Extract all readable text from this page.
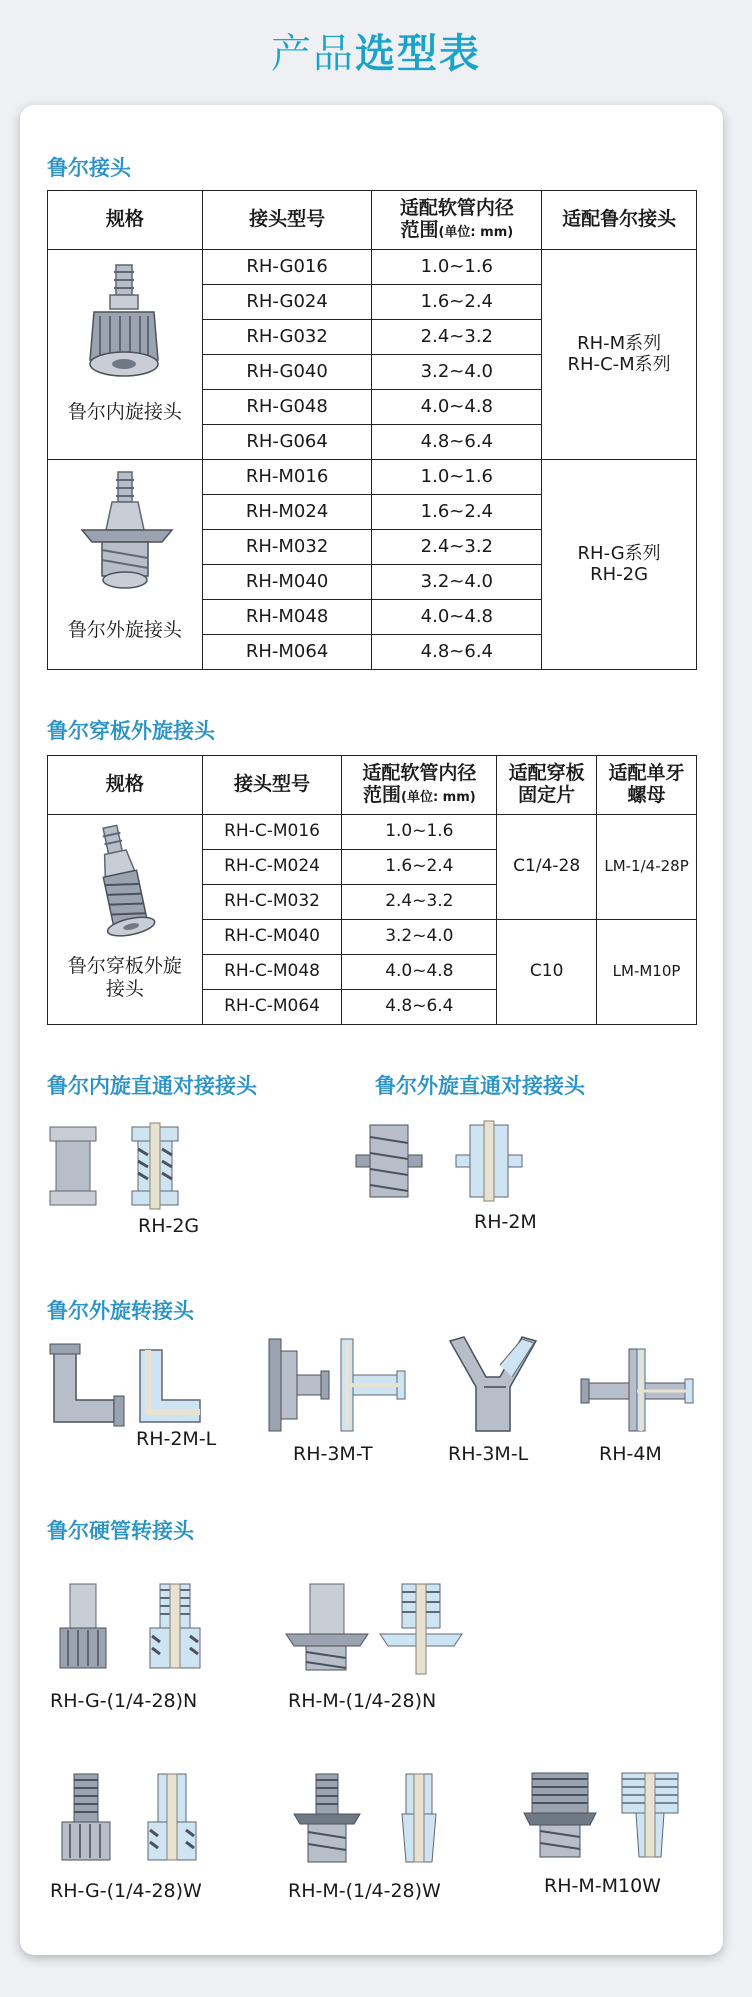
产品选型表
鲁尔接头
规格	接头型号	适配软管内径
范围(单位: mm)	适配鲁尔接头

鲁尔内旋接头	RH-G016	1.0~1.6	RH-M系列
RH-C-M系列
	RH-G024	1.6~2.4	
	RH-G032	2.4~3.2	
	RH-G040	3.2~4.0	
	RH-G048	4.0~4.8	
	RH-G064	4.8~6.4	

鲁尔外旋接头	RH-M016	1.0~1.6	RH-G系列
RH-2G
	RH-M024	1.6~2.4	
	RH-M032	2.4~3.2	
	RH-M040	3.2~4.0	
	RH-M048	4.0~4.8	
	RH-M064	4.8~6.4	
鲁尔穿板外旋接头
规格	接头型号	适配软管内径
范围(单位: mm)	适配穿板
固定片	适配单牙
螺母

鲁尔穿板外旋
接头	RH-C-M016	1.0~1.6	C1/4-28	LM-1/4-28P
	RH-C-M024	1.6~2.4		
	RH-C-M032	2.4~3.2		
	RH-C-M040	3.2~4.0	C10	LM-M10P
	RH-C-M048	4.0~4.8		
	RH-C-M064	4.8~6.4		
鲁尔内旋直通对接接头	鲁尔外旋直通对接接头
RH-2G	RH-2M
鲁尔外旋转接头
RH-2M-L
RH-3M-T	RH-3M-L	RH-4M
鲁尔硬管转接头
RH-G-(1/4-28)N	RH-M-(1/4-28)N
RH-G-(1/4-28)W	RH-M-(1/4-28)W	RH-M-M10W
